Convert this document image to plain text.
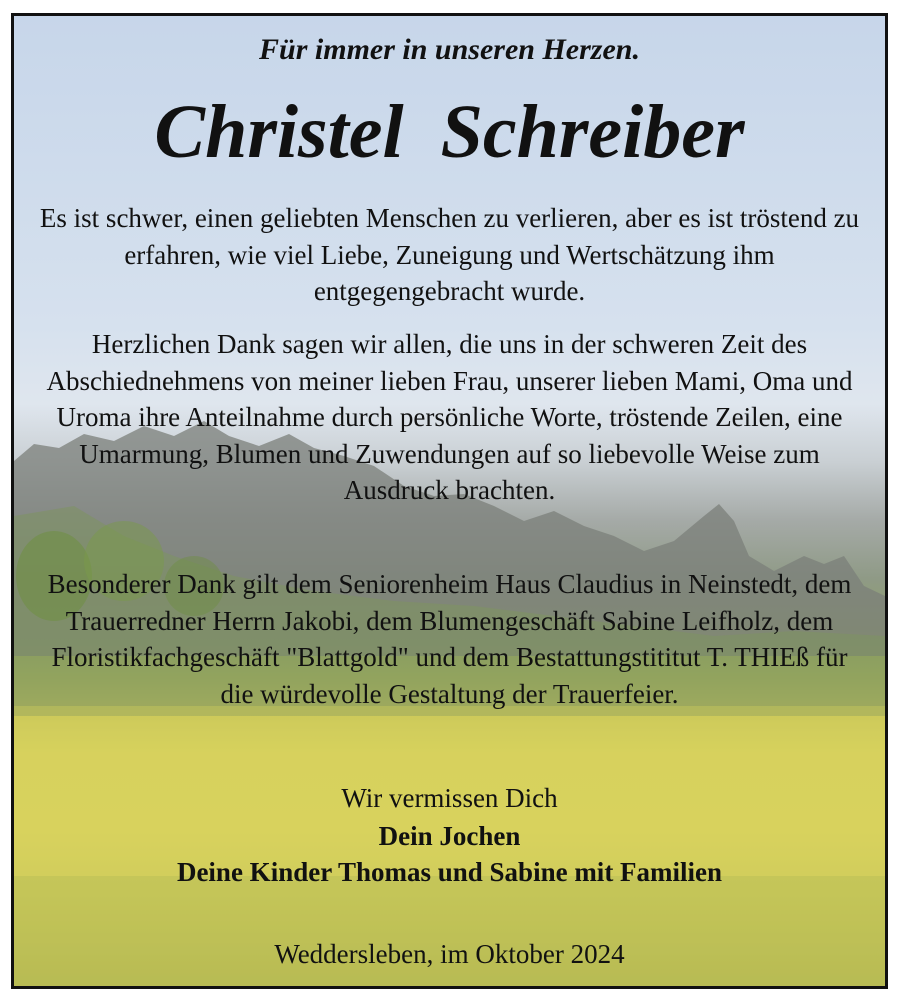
Für immer in unseren Herzen.
Christel Schreiber
Es ist schwer, einen geliebten Menschen zu verlieren, aber es ist tröstend zu erfahren, wie viel Liebe, Zuneigung und Wertschätzung ihm entgegengebracht wurde.
Herzlichen Dank sagen wir allen, die uns in der schweren Zeit des Abschiednehmens von meiner lieben Frau, unserer lieben Mami, Oma und Uroma ihre Anteilnahme durch persönliche Worte, tröstende Zeilen, eine Umarmung, Blumen und Zuwendungen auf so liebevolle Weise zum Ausdruck brachten.
Besonderer Dank gilt dem Seniorenheim Haus Claudius in Neinstedt, dem Trauerredner Herrn Jakobi, dem Blumengeschäft Sabine Leifholz, dem Floristikfachgeschäft "Blattgold" und dem Bestattungstititut T. THIEß für die würdevolle Gestaltung der Trauerfeier.
Wir vermissen Dich
Dein Jochen
Deine Kinder Thomas und Sabine mit Familien
Weddersleben, im Oktober 2024
